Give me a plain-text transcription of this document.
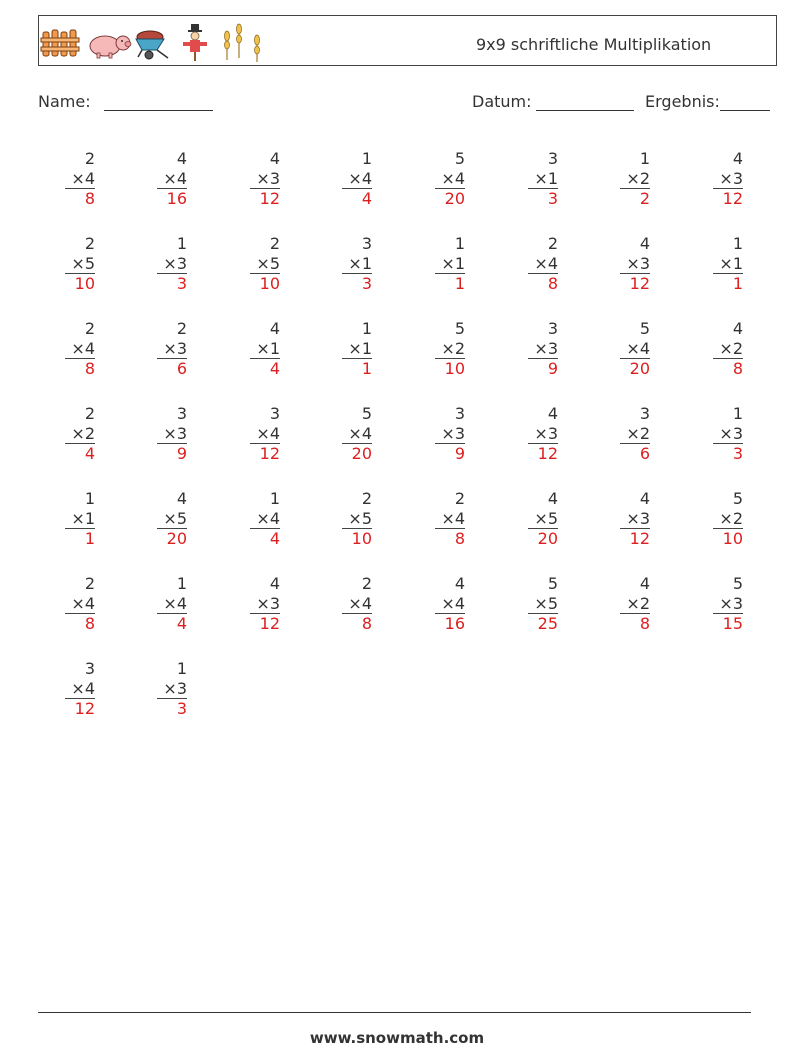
9x9 schriftliche Multiplikation
Name:	Datum:	Ergebnis:
2
×4
8
4
×4
16
4
×3
12
1
×4
4
5
×4
20
3
×1
3
1
×2
2
4
×3
12
2
×5
10
1
×3
3
2
×5
10
3
×1
3
1
×1
1
2
×4
8
4
×3
12
1
×1
1
2
×4
8
2
×3
6
4
×1
4
1
×1
1
5
×2
10
3
×3
9
5
×4
20
4
×2
8
2
×2
4
3
×3
9
3
×4
12
5
×4
20
3
×3
9
4
×3
12
3
×2
6
1
×3
3
1
×1
1
4
×5
20
1
×4
4
2
×5
10
2
×4
8
4
×5
20
4
×3
12
5
×2
10
2
×4
8
1
×4
4
4
×3
12
2
×4
8
4
×4
16
5
×5
25
4
×2
8
5
×3
15
3
×4
12
1
×3
3
www.snowmath.com
